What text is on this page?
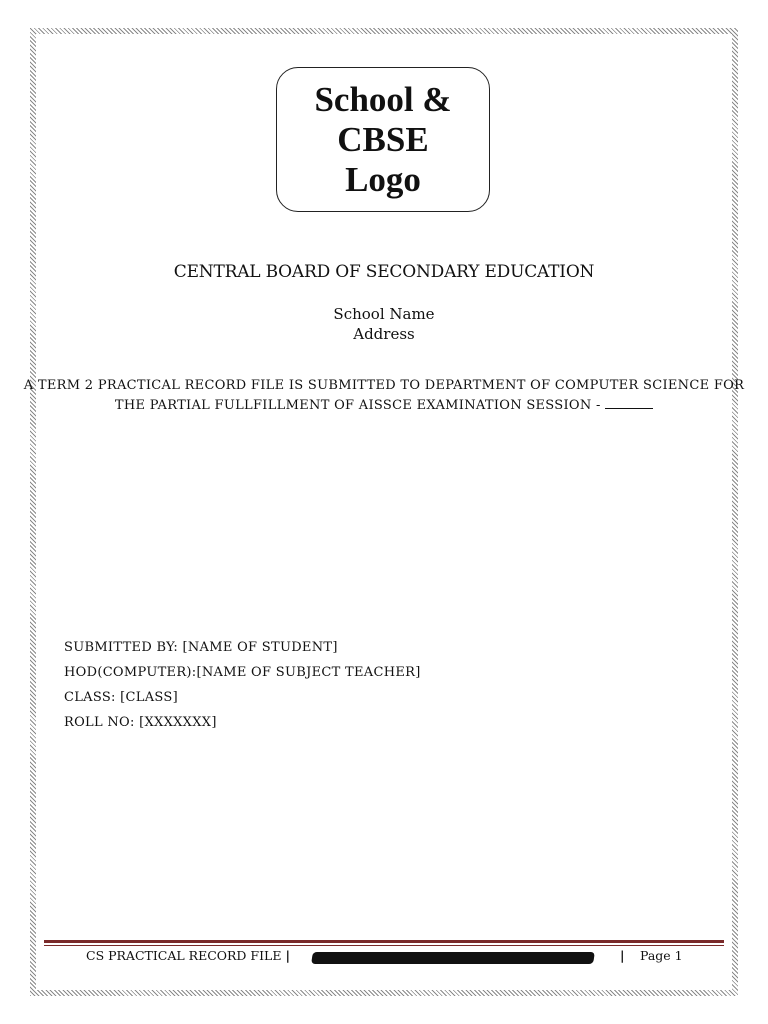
School &
CBSE
Logo
CENTRAL BOARD OF SECONDARY EDUCATION
School Name
Address
A TERM 2 PRACTICAL RECORD FILE IS SUBMITTED TO DEPARTMENT OF COMPUTER SCIENCE FOR
THE PARTIAL FULLFILLMENT OF AISSCE EXAMINATION SESSION -
SUBMITTED BY: [NAME OF STUDENT]
HOD(COMPUTER):[NAME OF SUBJECT TEACHER]
CLASS: [CLASS]
ROLL NO: [XXXXXXX]
CS PRACTICAL RECORD FILE |	| Page 1
